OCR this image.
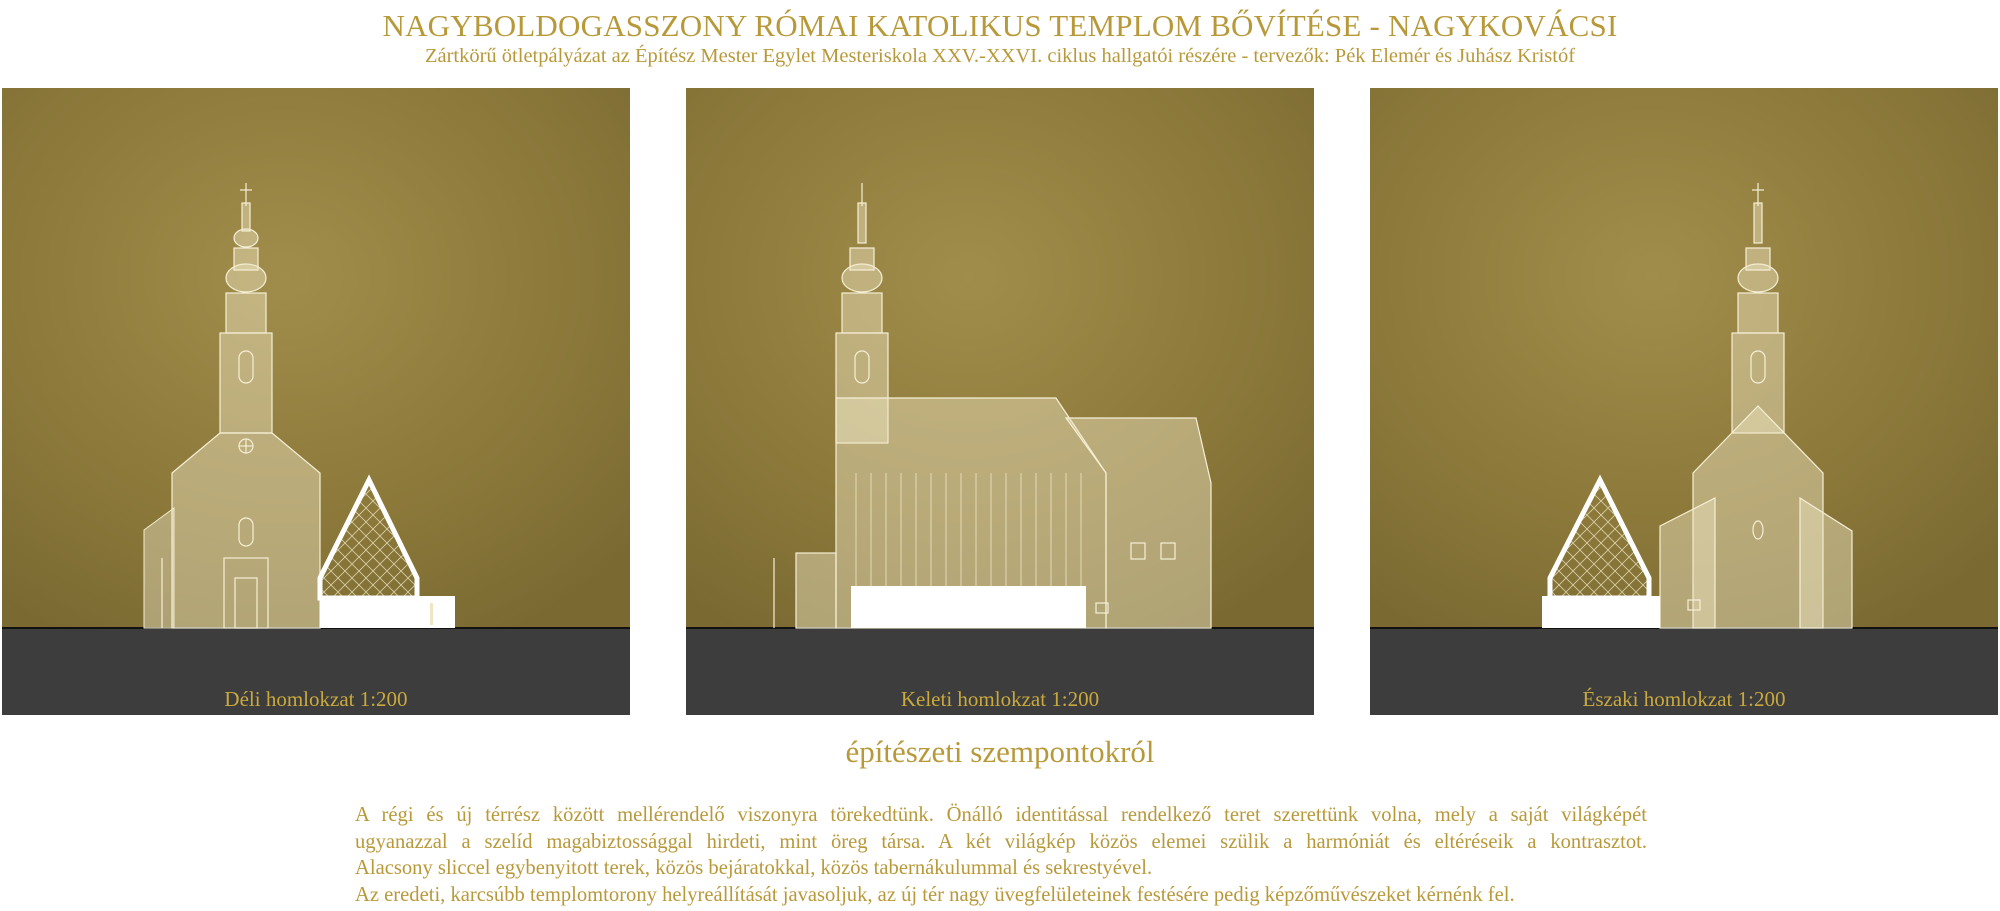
NAGYBOLDOGASSZONY RÓMAI KATOLIKUS TEMPLOM BŐVÍTÉSE - NAGYKOVÁCSI
Zártkörű ötletpályázat az Építész Mester Egylet Mesteriskola XXV.-XXVI. ciklus hallgatói részére - tervezők: Pék Elemér és Juhász Kristóf
Déli homlokzat 1:200	Keleti homlokzat 1:200	Északi homlokzat 1:200
építészeti szempontokról
A régi és új térrész között mellérendelő viszonyra törekedtünk. Önálló identitással rendelkező teret szerettünk volna, mely a saját világképét
ugyanazzal a szelíd magabiztossággal hirdeti, mint öreg társa. A két világkép közös elemei szülik a harmóniát és eltéréseik a kontrasztot.
Alacsony sliccel egybenyitott terek, közös bejáratokkal, közös tabernákulummal és sekrestyével.
Az eredeti, karcsúbb templomtorony helyreállítását javasoljuk, az új tér nagy üvegfelületeinek festésére pedig képzőművészeket kérnénk fel.
